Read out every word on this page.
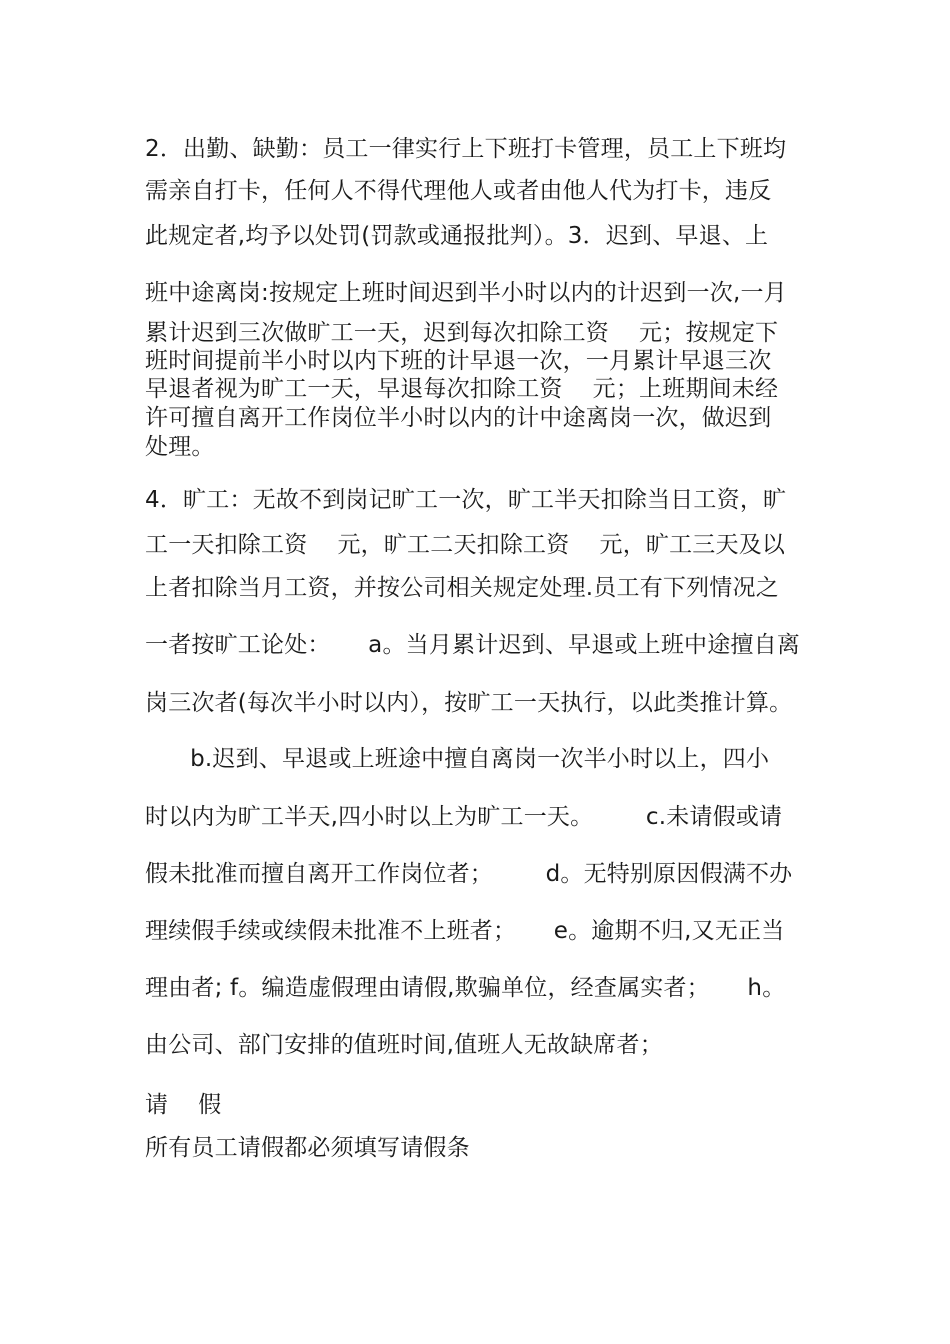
2．出勤、缺勤：员工一律实行上下班打卡管理，员工上下班均
需亲自打卡，任何人不得代理他人或者由他人代为打卡，违反
此规定者,均予以处罚(罚款或通报批判）。3．迟到、早退、上
班中途离岗:按规定上班时间迟到半小时以内的计迟到一次,一月
累计迟到三次做旷工一天，迟到每次扣除工资    元；按规定下
班时间提前半小时以内下班的计早退一次，一月累计早退三次
早退者视为旷工一天，早退每次扣除工资    元；上班期间未经
许可擅自离开工作岗位半小时以内的计中途离岗一次，做迟到
处理。
4．旷工：无故不到岗记旷工一次，旷工半天扣除当日工资，旷
工一天扣除工资    元，旷工二天扣除工资    元，旷工三天及以
上者扣除当月工资，并按公司相关规定处理.员工有下列情况之
一者按旷工论处：     a。当月累计迟到、早退或上班中途擅自离
岗三次者(每次半小时以内），按旷工一天执行，以此类推计算。
b.迟到、早退或上班途中擅自离岗一次半小时以上，四小
时以内为旷工半天,四小时以上为旷工一天。       c.未请假或请
假未批准而擅自离开工作岗位者；       d。无特别原因假满不办
理续假手续或续假未批准不上班者；     e。逾期不归,又无正当
理由者; f。编造虚假理由请假,欺骗单位，经查属实者；     h。
由公司、部门安排的值班时间,值班人无故缺席者；
请    假
所有员工请假都必须填写请假条
